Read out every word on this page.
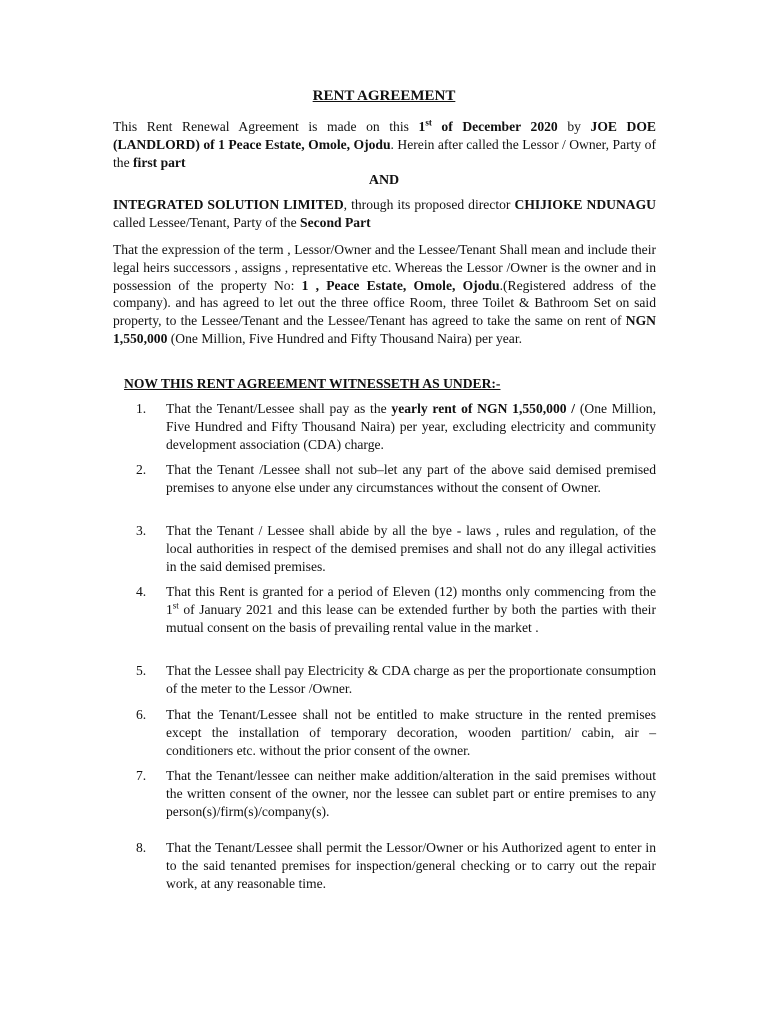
RENT AGREEMENT
This Rent Renewal Agreement is made on this 1st of December 2020 by JOE DOE (LANDLORD) of 1 Peace Estate, Omole, Ojodu. Herein after called the Lessor / Owner, Party of the first part
AND
INTEGRATED SOLUTION LIMITED, through its proposed director CHIJIOKE NDUNAGU called Lessee/Tenant, Party of the Second Part
That the expression of the term , Lessor/Owner and the Lessee/Tenant Shall mean and include their legal heirs successors , assigns , representative etc. Whereas the Lessor /Owner is the owner and in possession of the property No: 1 , Peace Estate, Omole, Ojodu.(Registered address of the company). and has agreed to let out the three office Room, three Toilet & Bathroom Set on said property, to the Lessee/Tenant and the Lessee/Tenant has agreed to take the same on rent of NGN 1,550,000 (One Million, Five Hundred and Fifty Thousand Naira) per year.
NOW THIS RENT AGREEMENT WITNESSETH AS UNDER:-
1.	That the Tenant/Lessee shall pay as the yearly rent of NGN 1,550,000 / (One Million, Five Hundred and Fifty Thousand Naira) per year, excluding electricity and community development association (CDA) charge.
2.	That the Tenant /Lessee shall not sub–let any part of the above said demised premised premises to anyone else under any circumstances without the consent of Owner.
3.	That the Tenant / Lessee shall abide by all the bye - laws , rules and regulation, of the local authorities in respect of the demised premises and shall not do any illegal activities in the said demised premises.
4.	That this Rent is granted for a period of Eleven (12) months only commencing from the 1st of January 2021 and this lease can be extended further by both the parties with their mutual consent on the basis of prevailing rental value in the market .
5.	That the Lessee shall pay Electricity & CDA charge as per the proportionate consumption of the meter to the Lessor /Owner.
6.	That the Tenant/Lessee shall not be entitled to make structure in the rented premises except the installation of temporary decoration, wooden partition/ cabin, air – conditioners etc. without the prior consent of the owner.
7.	That the Tenant/lessee can neither make addition/alteration in the said premises without the written consent of the owner, nor the lessee can sublet part or entire premises to any person(s)/firm(s)/company(s).
8.	That the Tenant/Lessee shall permit the Lessor/Owner or his Authorized agent to enter in to the said tenanted premises for inspection/general checking or to carry out the repair work, at any reasonable time.
